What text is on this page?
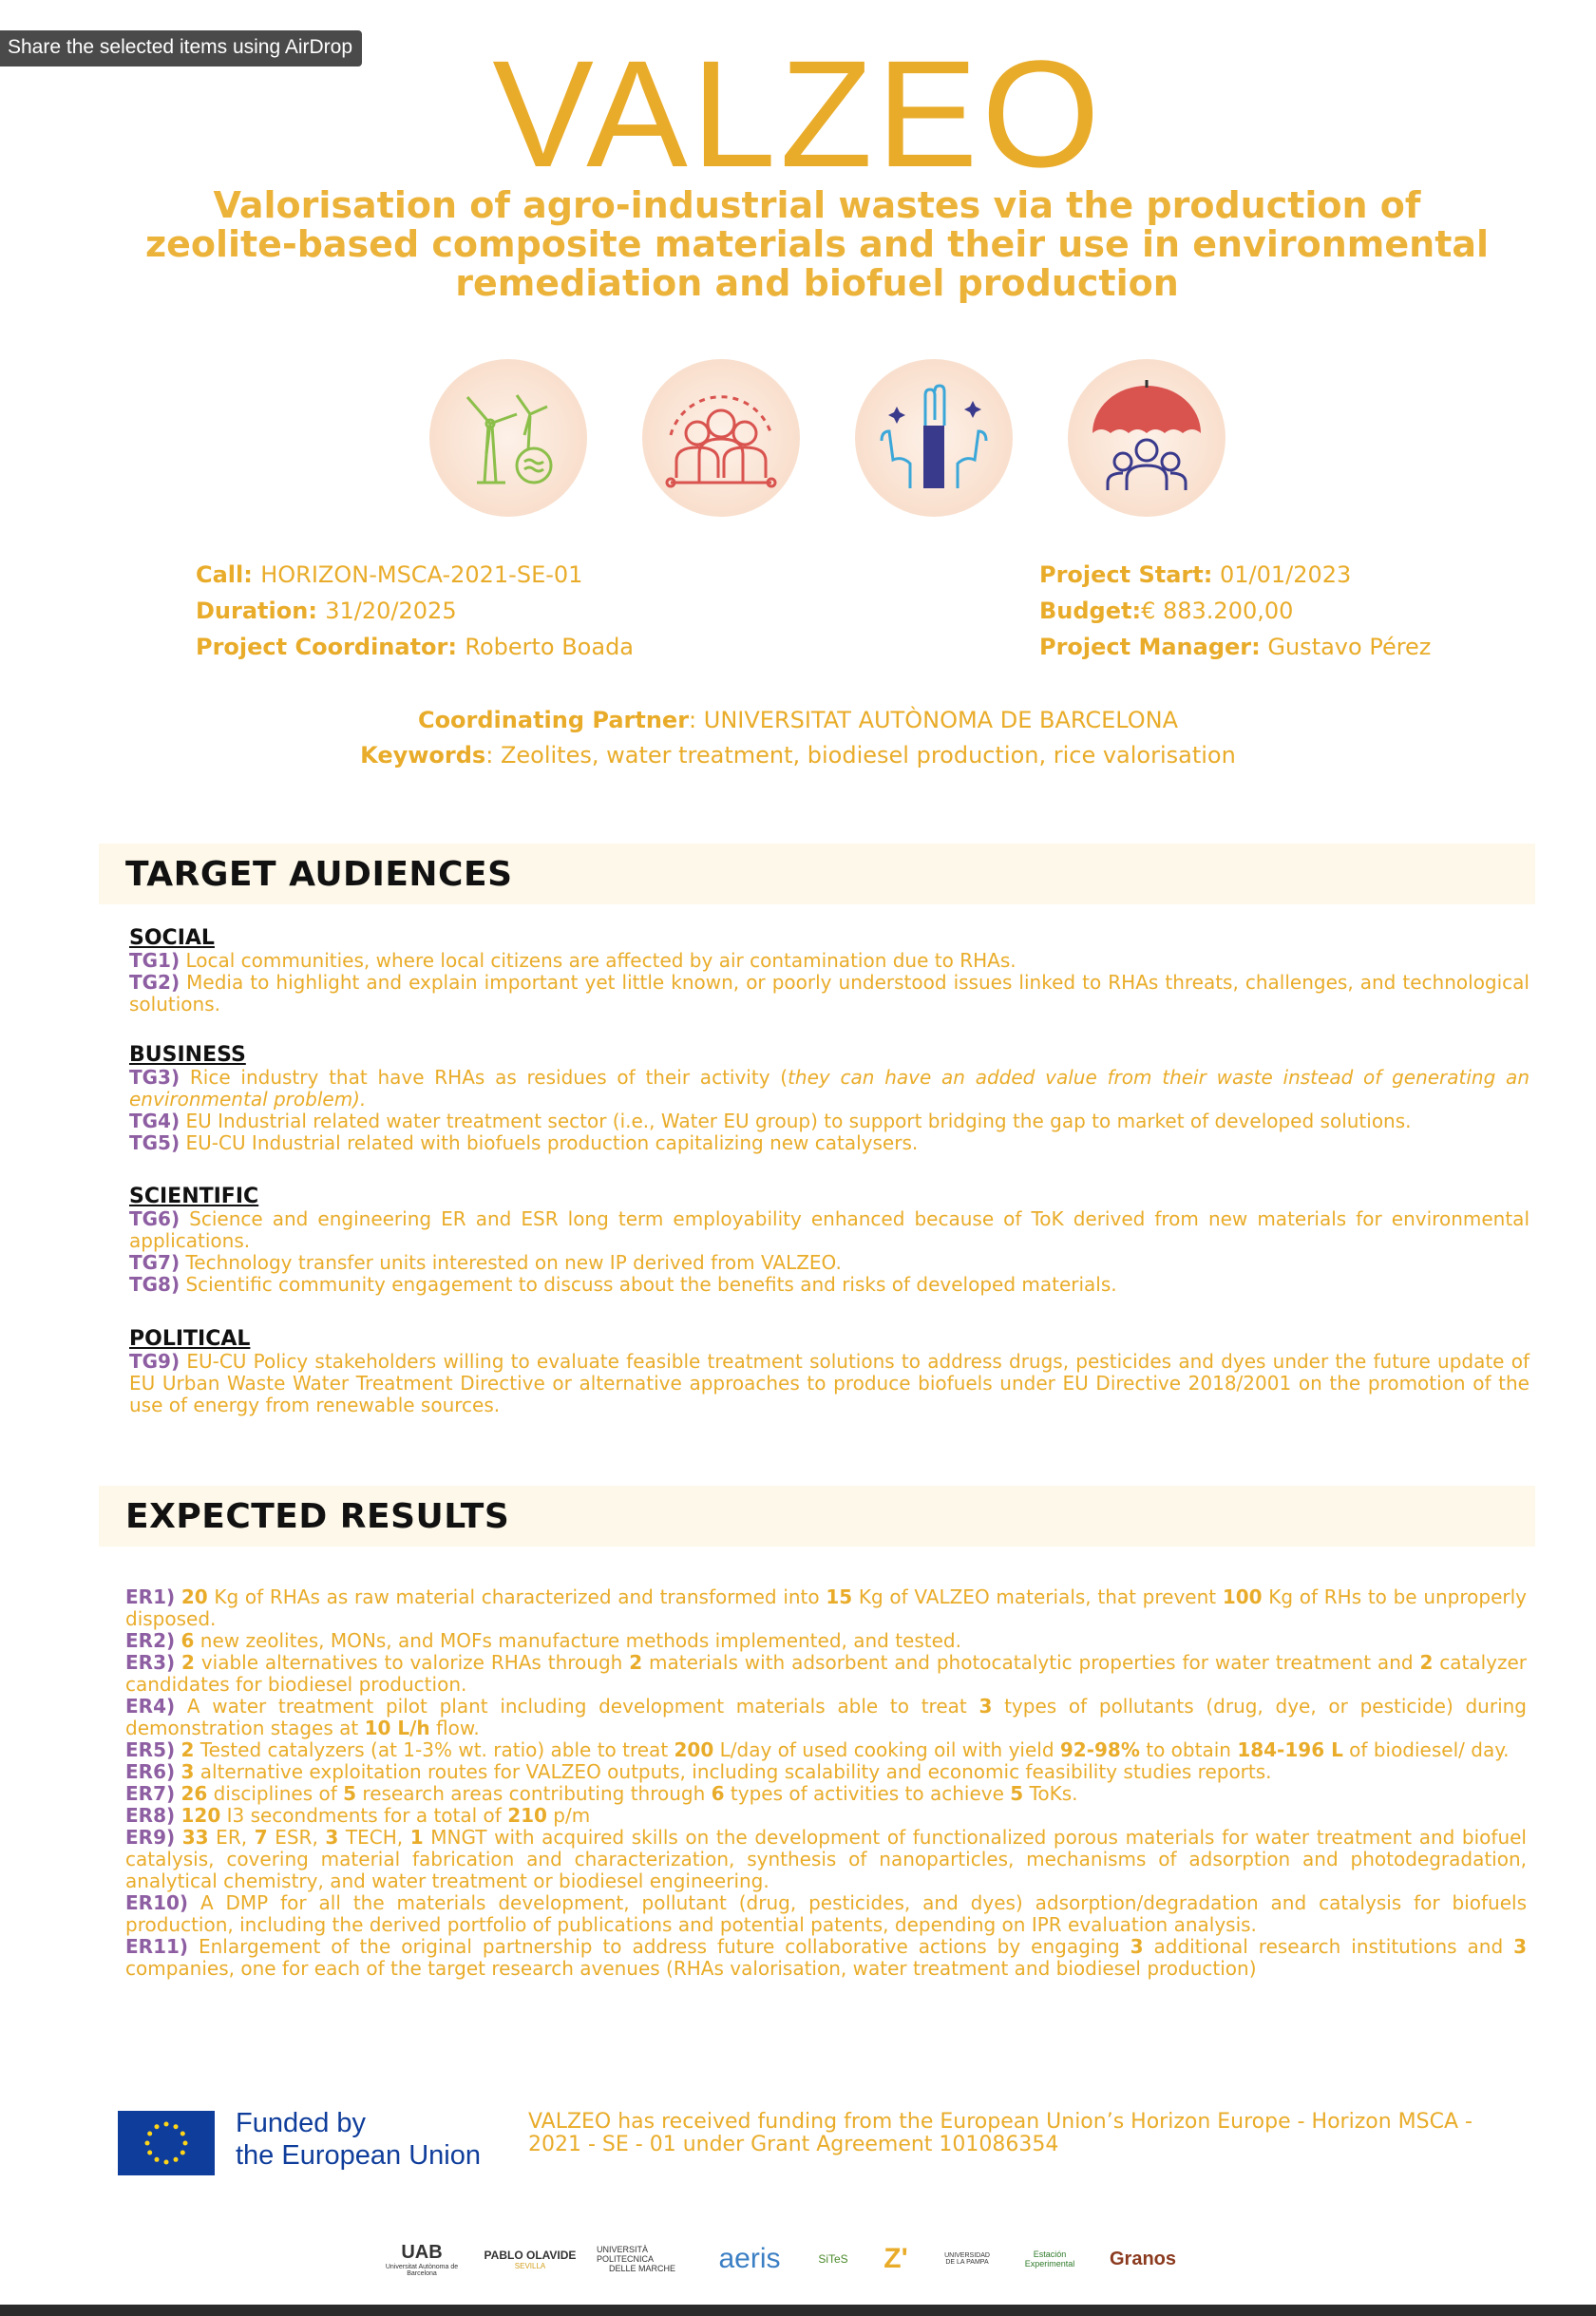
Share the selected items using AirDrop VALZEO
Valorisation of agro-industrial wastes via the production of zeolite-based composite materials and their use in environmental remediation and biofuel production
Call: HORIZON-MSCA-2021-SE-01
Duration: 31/20/2025
Project Coordinator: Roberto Boada
Project Start: 01/01/2023
Budget:€ 883.200,00
Project Manager: Gustavo Pérez
Coordinating Partner: UNIVERSITAT AUTÒNOMA DE BARCELONA
Keywords: Zeolites, water treatment, biodiesel production, rice valorisation
TARGET AUDIENCES
SOCIAL

TG1) Local communities, where local citizens are affected by air contamination due to RHAs.

TG2) Media to highlight and explain important yet little known, or poorly understood issues linked to RHAs threats, challenges, and technological solutions.

BUSINESS

TG3) Rice industry that have RHAs as residues of their activity (they can have an added value from their waste instead of generating an environmental problem).

TG4) EU Industrial related water treatment sector (i.e., Water EU group) to support bridging the gap to market of developed solutions.

TG5) EU-CU Industrial related with biofuels production capitalizing new catalysers.

SCIENTIFIC

TG6) Science and engineering ER and ESR long term employability enhanced because of ToK derived from new materials for environmental applications.

TG7) Technology transfer units interested on new IP derived from VALZEO.

TG8) Scientific community engagement to discuss about the benefits and risks of developed materials.

POLITICAL

TG9) EU-CU Policy stakeholders willing to evaluate feasible treatment solutions to address drugs, pesticides and dyes under the future update of EU Urban Waste Water Treatment Directive or alternative approaches to produce biofuels under EU Directive 2018/2001 on the promotion of the use of energy from renewable sources.

EXPECTED RESULTS

ER1) 20 Kg of RHAs as raw material characterized and transformed into 15 Kg of VALZEO materials, that prevent 100 Kg of RHs to be unproperly disposed.

ER2) 6 new zeolites, MONs, and MOFs manufacture methods implemented, and tested.

ER3) 2 viable alternatives to valorize RHAs through 2 materials with adsorbent and photocatalytic properties for water treatment and 2 catalyzer candidates for biodiesel production.

ER4) A water treatment pilot plant including development materials able to treat 3 types of pollutants (drug, dye, or pesticide) during demonstration stages at 10 L/h flow.

ER5) 2 Tested catalyzers (at 1-3% wt. ratio) able to treat 200 L/day of used cooking oil with yield 92-98% to obtain 184-196 L of biodiesel/ day.

ER6) 3 alternative exploitation routes for VALZEO outputs, including scalability and economic feasibility studies reports.

ER7) 26 disciplines of 5 research areas contributing through 6 types of activities to achieve 5 ToKs.

ER8) 120 I3 secondments for a total of 210 p/m

ER9) 33 ER, 7 ESR, 3 TECH, 1 MNGT with acquired skills on the development of functionalized porous materials for water treatment and biofuel catalysis, covering material fabrication and characterization, synthesis of nanoparticles, mechanisms of adsorption and photodegradation, analytical chemistry, and water treatment or biodiesel engineering.

ER10) A DMP for all the materials development, pollutant (drug, pesticides, and dyes) adsorption/degradation and catalysis for biofuels production, including the derived portfolio of publications and potential patents, depending on IPR evaluation analysis.

ER11) Enlargement of the original partnership to address future collaborative actions by engaging 3 additional research institutions and 3 companies, one for each of the target research avenues (RHAs valorisation, water treatment and biodiesel production)

Funded by
the European Union
VALZEO has received funding from the European Union’s Horizon Europe - Horizon MSCA - 2021 - SE - 01 under Grant Agreement 101086354
UAB
Universitat Autònoma de Barcelona
PABLO OLAVIDE
SEVILLA
UNIVERSITÀ POLITECNICA
DELLE MARCHE aeris	SiTeS Z'	UNIVERSIDAD
DE LA PAMPA
Estación Experimental	Granos
